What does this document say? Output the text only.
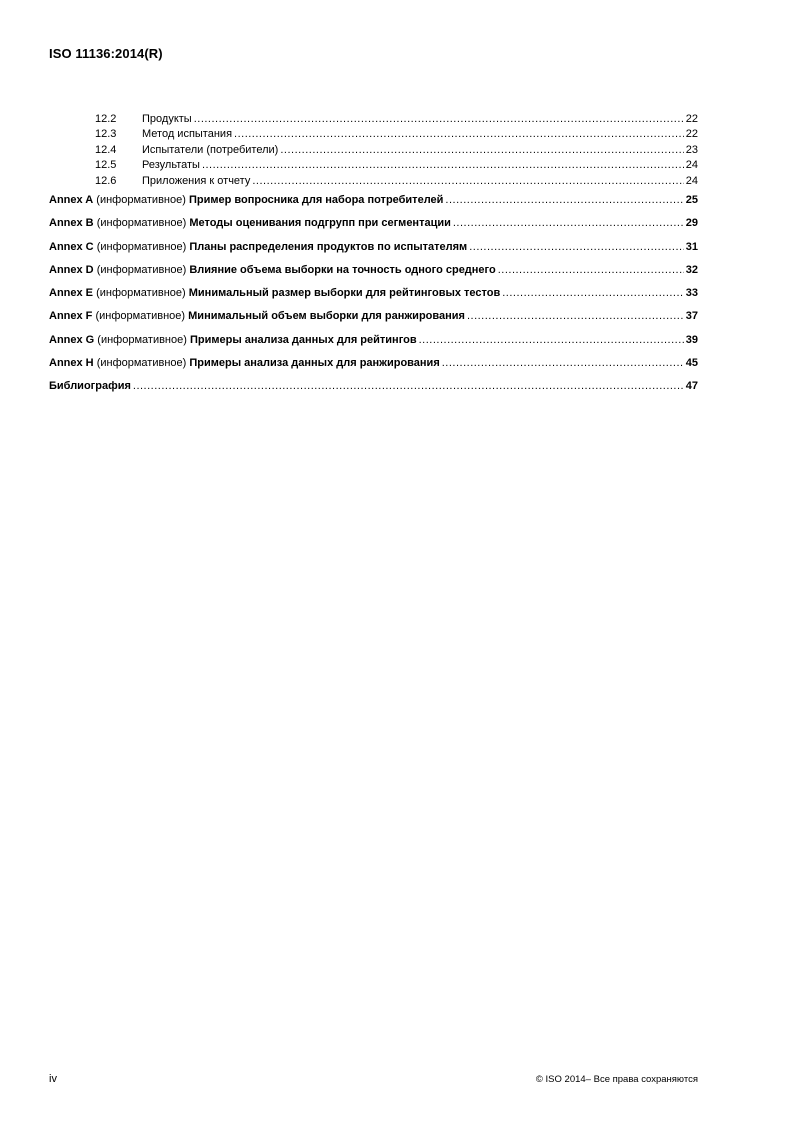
ISO 11136:2014(R)
12.2	Продукты .....	22
12.3	Метод испытания .....	22
12.4	Испытатели (потребители) .....	23
12.5	Результаты .....	24
12.6	Приложения к отчету .....	24
Annex A (информативное) Пример вопросника для набора потребителей .....	25
Annex B (информативное) Методы оценивания подгрупп при сегментации .....	29
Annex C (информативное) Планы распределения продуктов по испытателям .....	31
Annex D (информативное) Влияние объема выборки на точность одного среднего .....	32
Annex E (информативное) Минимальный размер выборки для рейтинговых тестов .....	33
Annex F (информативное) Минимальный объем выборки для ранжирования .....	37
Annex G (информативное) Примеры анализа данных для рейтингов .....	39
Annex H (информативное) Примеры анализа данных для ранжирования .....	45
Библиография .....	47
iv	© ISO 2014– Все права сохраняются
